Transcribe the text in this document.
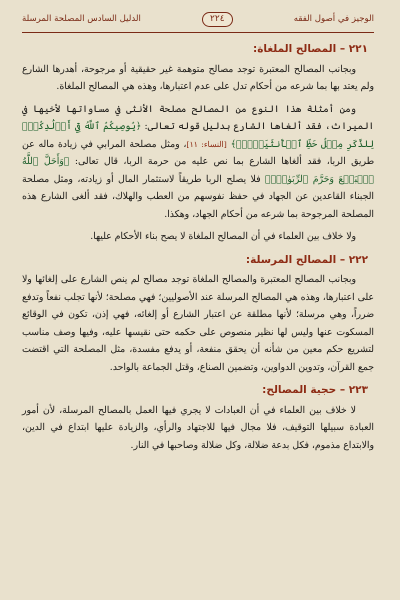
الوجيز في أصول الفقه
٢٢٤
الدليل السادس المصلحة المرسلة
٢٢١ – المصالح الملغاة:

وبجانب المصالح المعتبرة توجد مصالح متوهمة غير حقيقية أو مرجوحة، أهدرها الشارع ولم يعتد بها بما شرعه من أحكام تدل على عدم اعتبارها، وهذه هي المصالح الملغاة.

ومن أمثلة هذا النوع من المصالح مصلحة الأنثى في مساواتها لأخيها في الميراث، فقد ألغاها الشارع بدليل قوله تعالى: ﴿يُوصِيكُمُ ٱللَّهُ فِيٓ أَوۡلَٰدِكُمۡۖ لِلذَّكَرِ مِثۡلُ حَظِّ ٱلۡأُنثَيَيۡنِۚ﴾ [النساء: ١١]، ومثل مصلحة المرابي في زيادة ماله عن طريق الربا، فقد ألغاها الشارع بما نص عليه من حرمة الربا، قال تعالى: ﴿وَأَحَلَّ ٱللَّهُ ٱلۡبَيۡعَ وَحَرَّمَ ٱلرِّبَوٰاْۚ﴾ فلا يصلح الربا طريقاً لاستثمار المال أو زيادته، ومثل مصلحة الجبناء القاعدين عن الجهاد في حفظ نفوسهم من العطب والهلاك، فقد ألغى الشارع هذه المصلحة المرجوحة بما شرعه من أحكام الجهاد، وهكذا.

ولا خلاف بين العلماء في أن المصالح الملغاة لا يصح بناء الأحكام عليها.

٢٢٢ – المصالح المرسلة:

وبجانب المصالح المعتبرة والمصالح الملغاة توجد مصالح لم ينص الشارع على إلغائها ولا على اعتبارها، وهذه هي المصالح المرسلة عند الأصوليين؛ فهي مصلحة؛ لأنها تجلب نفعاً وتدفع ضرراً، وهي مرسلة؛ لأنها مطلقة عن اعتبار الشارع أو إلغائه، فهي إذن، تكون في الوقائع المسكوت عنها وليس لها نظير منصوص على حكمه حتى نقيسها عليه، وفيها وصف مناسب لتشريع حكم معين من شأنه أن يحقق منفعة، أو يدفع مفسدة، مثل المصلحة التي اقتضت جمع القرآن، وتدوين الدواوين، وتضمين الصناع، وقتل الجماعة بالواحد.

٢٢٣ – حجية المصالح:

لا خلاف بين العلماء في أن العبادات لا يجري فيها العمل بالمصالح المرسلة، لأن أمور العبادة سبيلها التوقيف، فلا مجال فيها للاجتهاد والرأي، والزيادة عليها ابتداع في الدين، والابتداع مذموم، فكل بدعة ضلالة، وكل ضلالة وصاحبها في النار.
